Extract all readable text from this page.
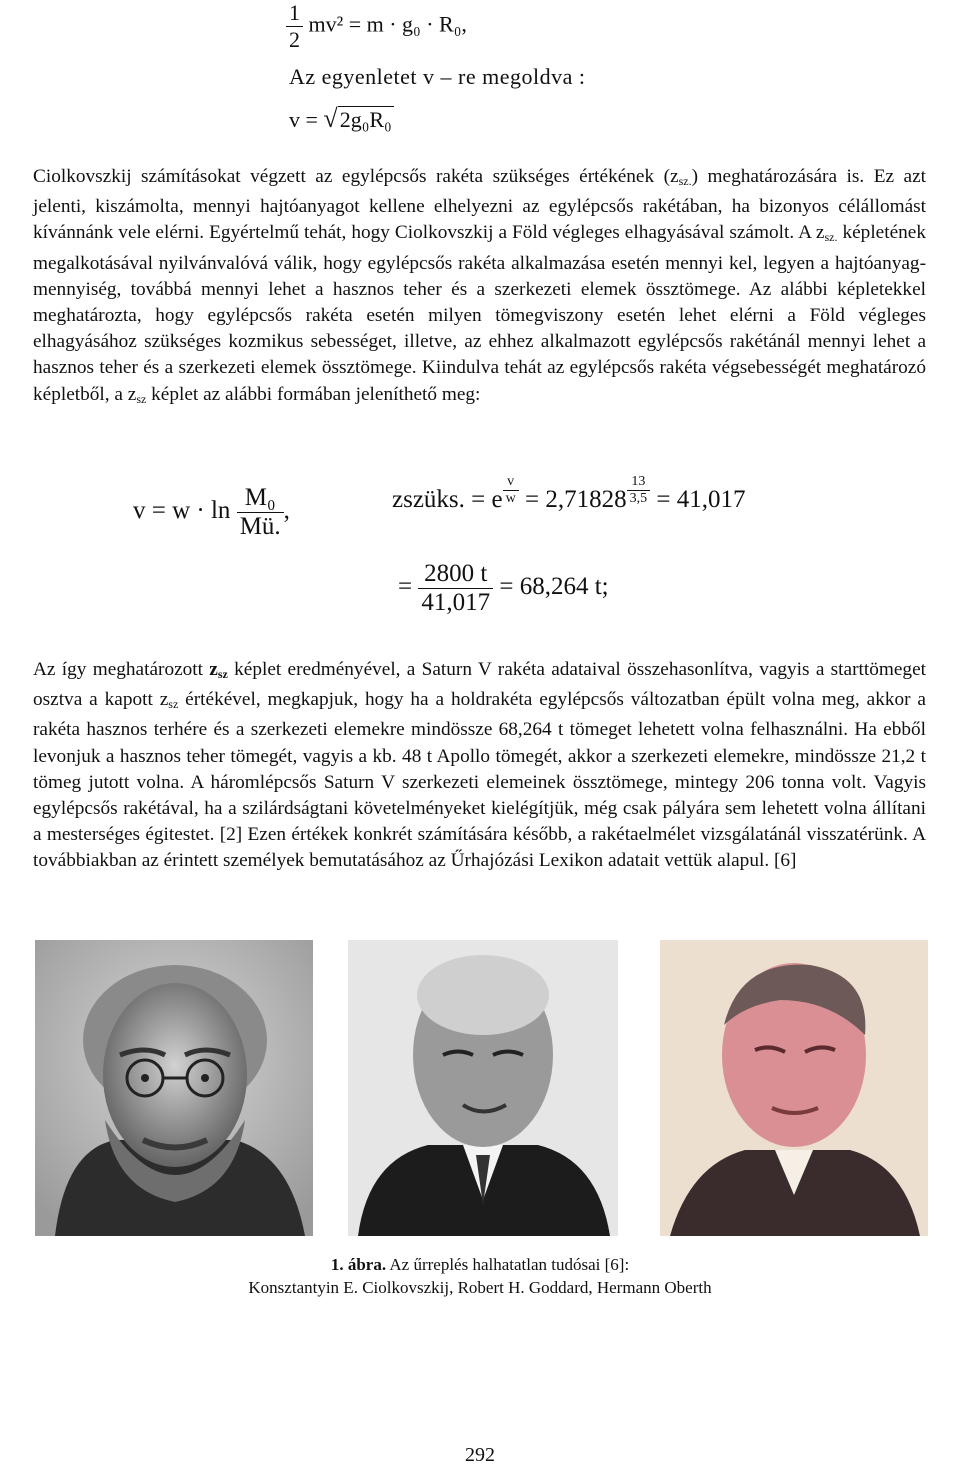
$\frac{1}{2} mv^2 = m \cdot g_0 \cdot R_0$,
Az egyenletet v – re megoldva :
v = √2g₀R₀
Ciolkovszkij számításokat végzett az egylépcsős rakéta szükséges értékének $(z_{sz.})$ meghatározására is. Ez azt jelenti, kiszámolta, mennyi hajtóanyagot kellene elhelyezni az egylépcsős rakétában, ha bizonyos célállomást kívánnánk vele elérni. Egyértelmű tehát, hogy Ciolkovszkij a Föld végleges elhagyásával számolt. A $z_{sz.}$ képletének megalkotásával nyilvánvalóvá válik, hogy egylépcsős rakéta alkalmazása esetén mennyi kel, legyen a hajtóanyag-mennyiség, továbbá mennyi lehet a hasznos teher és a szerkezeti elemek össztömege. Az alábbi képletekkel meghatározta, hogy egylépcsős rakéta esetén milyen tömegviszony esetén lehet elérni a Föld végleges elhagyásához szükséges kozmikus sebességet, illetve, az ehhez alkalmazott egylépcsős rakétánál mennyi lehet a hasznos teher és a szerkezeti elemek össztömege. Kiindulva tehát az egylépcsős rakéta végsebességét meghatározó képletből, a $z_{sz}$ képlet az alábbi formában jeleníthető meg:
$v = w \cdot \ln \frac{\text{M₀}}{Mü.}$ ,	zszüks. = e $\frac{v}{w} = 2,71828 \frac{13}{3,5} = 41,017$
= $\frac{2800 t}{41,017} = 68,264$ t;
Az így meghatározott $z_{sz}$ képlet eredményével, a Saturn V rakéta adataival összehasonlítva, vagyis a starttömeget osztva a kapott $z_{sz}$ értékével, megkapjuk, hogy ha a holdrakéta egylépcsős változatban épült volna meg, akkor a rakéta hasznos terhére és a szerkezeti elemekre mindössze 68,264 t tömeget lehetett volna felhasználni. Ha ebből levonjuk a hasznos teher tömegét, vagyis a kb. 48 t Apollo tömegét, akkor a szerkezeti elemekre, mindössze 21,2 t tömeg jutott volna. A háromlépcsős Saturn V szerkezeti elemeinek össztömege, mintegy 206 tonna volt. Vagyis egylépcsős rakétával, ha a szilárdságtani követelményeket kielégítjük, még csak pályára sem lehetett volna állítani a mesterséges égitestet. [2] Ezen értékek konkrét számítására később, a rakétaelmélet vizsgálatánál visszatérünk. A továbbiakban az érintett személyek bemutatásához az Űrhajózási Lexikon adatait vettük alapul. [6]
1. ábra. Az űrreplés halhatatlan tudósai [6]:
Konsztantyin E. Ciolkovszkij, Robert H. Goddard, Hermann Oberth
292
